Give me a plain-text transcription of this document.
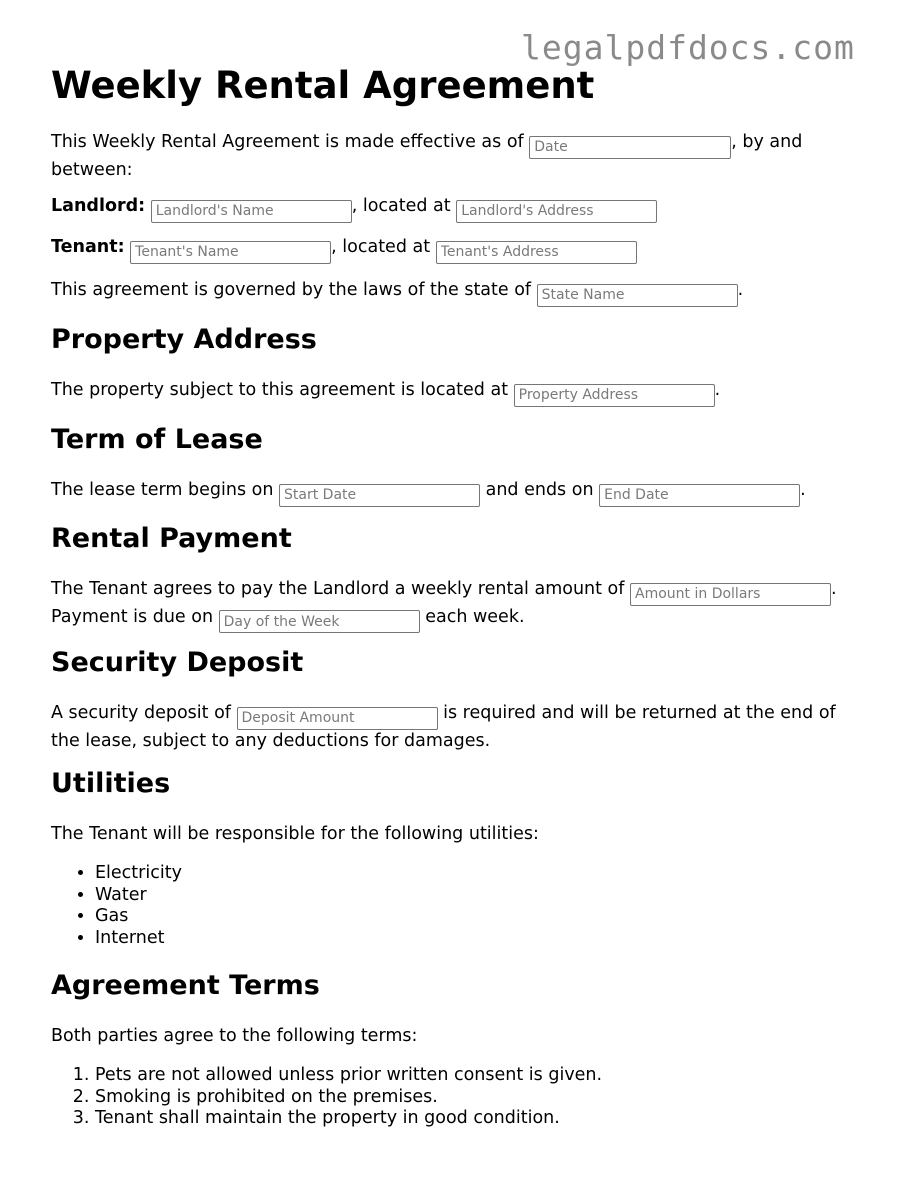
legalpdfdocs.com
Weekly Rental Agreement
This Weekly Rental Agreement is made effective as of Date	, by and
between:
Landlord: Landlord's Name	, located at Landlord's Address
Tenant: Tenant's Name	, located at Tenant's Address
This agreement is governed by the laws of the state of State Name	.
Property Address
The property subject to this agreement is located at Property Address	.
Term of Lease
The lease term begins on Start Date	and ends on End Date	.
Rental Payment
The Tenant agrees to pay the Landlord a weekly rental amount of Amount in Dollars	.
Payment is due on Day of the Week	each week.
Security Deposit
A security deposit of Deposit Amount	is required and will be returned at the end of
the lease, subject to any deductions for damages.
Utilities
The Tenant will be responsible for the following utilities:
• Electricity
• Water
• Gas
• Internet
Agreement Terms
Both parties agree to the following terms:
1. Pets are not allowed unless prior written consent is given.
2. Smoking is prohibited on the premises.
3. Tenant shall maintain the property in good condition.
